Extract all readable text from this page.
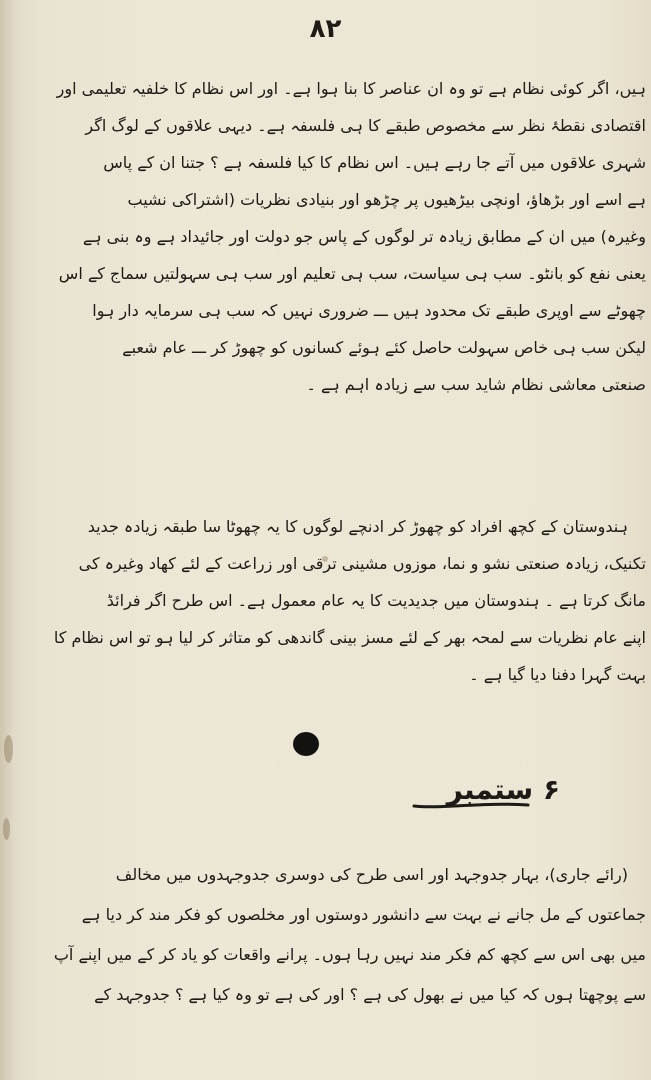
۸۲
ہیں، اگر کوئی نظام ہے تو وہ ان عناصر کا بنا ہوا ہے۔ اور اس نظام کا خلفیہ تعلیمی اور
اقتصادی نقطۂ نظر سے مخصوص طبقے کا ہی فلسفہ ہے۔ دیہی علاقوں کے لوگ اگر
شہری علاقوں میں آتے جا رہے ہیں۔ اس نظام کا کیا فلسفہ ہے ؟ جتنا ان کے پاس
ہے اسے اور بڑھاؤ، اونچی بیڑھیوں پر چڑھو اور بنیادی نظریات (اشتراکی نشیب
وغیرہ) میں ان کے مطابق زیادہ تر لوگوں کے پاس جو دولت اور جائیداد ہے وہ بنی ہے
یعنی نفع کو بانٹو۔ سب ہی سیاست، سب ہی تعلیم اور سب ہی سہولتیں سماج کے اس
چھوٹے سے اوپری طبقے تک محدود ہیں ـــ ضروری نہیں کہ سب ہی سرمایہ دار ہوا
لیکن سب ہی خاص سہولت حاصل کئے ہوئے کسانوں کو چھوڑ کر ـــ عام شعبے
صنعتی معاشی نظام شاید سب سے زیادہ اہم ہے ۔
ہندوستان کے کچھ افراد کو چھوڑ کر ادنچے لوگوں کا یہ چھوٹا سا طبقہ زیادہ جدید
تکنیک، زیادہ صنعتی نشو و نما، موزوں مشینی ترقی اور زراعت کے لئے کھاد وغیرہ کی
مانگ کرتا ہے ۔ ہندوستان میں جدیدیت کا یہ عام معمول ہے۔ اس طرح اگر فرائڈ
اپنے عام نظریات سے لمحہ بھر کے لئے مسز بینی گاندھی کو متاثر کر لیا ہو تو اس نظام کا
بہت گہرا دفنا دیا گیا ہے ۔
۶ ستمبر
(رائے جاری)، بہار جدوجہد اور اسی طرح کی دوسری جدوجہدوں میں مخالف
جماعتوں کے مل جانے نے بہت سے دانشور دوستوں اور مخلصوں کو فکر مند کر دیا ہے
میں بھی اس سے کچھ کم فکر مند نہیں رہا ہوں۔ پرانے واقعات کو یاد کر کے میں اپنے آپ
سے پوچھتا ہوں کہ کیا میں نے بھول کی ہے ؟ اور کی ہے تو وہ کیا ہے ؟ جدوجہد کے
